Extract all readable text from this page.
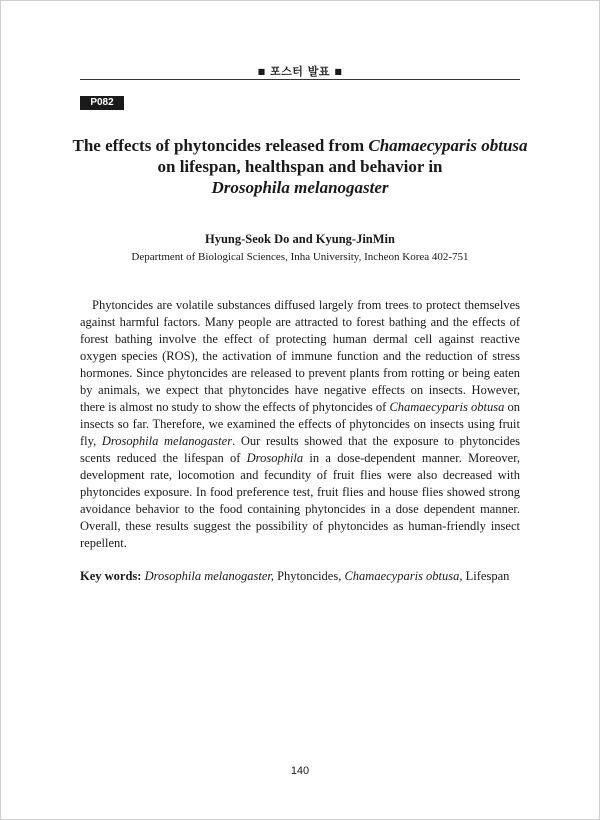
■ 포스터 발표 ■
P082
The effects of phytoncides released from Chamaecyparis obtusa
on lifespan, healthspan and behavior in
Drosophila melanogaster
Hyung-Seok Do and Kyung-JinMin
Department of Biological Sciences, Inha University, Incheon Korea 402-751

Phytoncides are volatile substances diffused largely from trees to protect themselves against harmful factors. Many people are attracted to forest bathing and the effects of forest bathing involve the effect of protecting human dermal cell against reactive oxygen species (ROS), the activation of immune function and the reduction of stress hormones. Since phytoncides are released to prevent plants from rotting or being eaten by animals, we expect that phytoncides have negative effects on insects. However, there is almost no study to show the effects of phytoncides of Chamaecyparis obtusa on insects so far. Therefore, we examined the effects of phytoncides on insects using fruit fly, Drosophila melanogaster. Our results showed that the exposure to phytoncides scents reduced the lifespan of Drosophila in a dose-dependent manner. Moreover, development rate, locomotion and fecundity of fruit flies were also decreased with phytoncides exposure. In food preference test, fruit flies and house flies showed strong avoidance behavior to the food containing phytoncides in a dose dependent manner. Overall, these results suggest the possibility of phytoncides as human-friendly insect repellent.

Key words: Drosophila melanogaster, Phytoncides, Chamaecyparis obtusa, Lifespan
140
